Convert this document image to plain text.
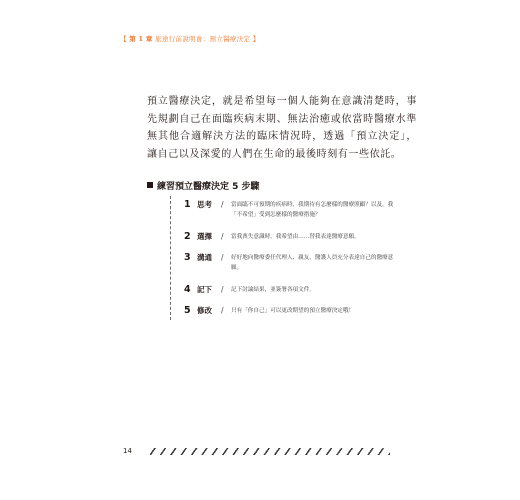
【 第 1 章 旅途行前說明會：預立醫療決定 】

預立醫療決定，就是希望每一個人能夠在意識清楚時，事先規劃自己在面臨疾病末期、無法治癒或依當時醫療水準無其他合適解決方法的臨床情況時，透過「預立決定」，讓自己以及深愛的人們在生命的最後時刻有一些依託。

練習預立醫療決定 5 步驟
1 思考	/	當面臨不可預期的疾病時，我期待有怎麼樣的醫療照顧？以及，我「不希望」受到怎麼樣的醫療措施？
2 選擇	/	當我喪失意識時，我希望由……替我表達醫療意願。
3 溝通	/	好好地向醫療委任代理人、親友、醫護人員充分表達自己的醫療意願。
4 記下	/	記下討論結果，並簽署各項文件。
5 修改	/	只有「你自己」可以更改期望的預立醫療決定哦！
14
